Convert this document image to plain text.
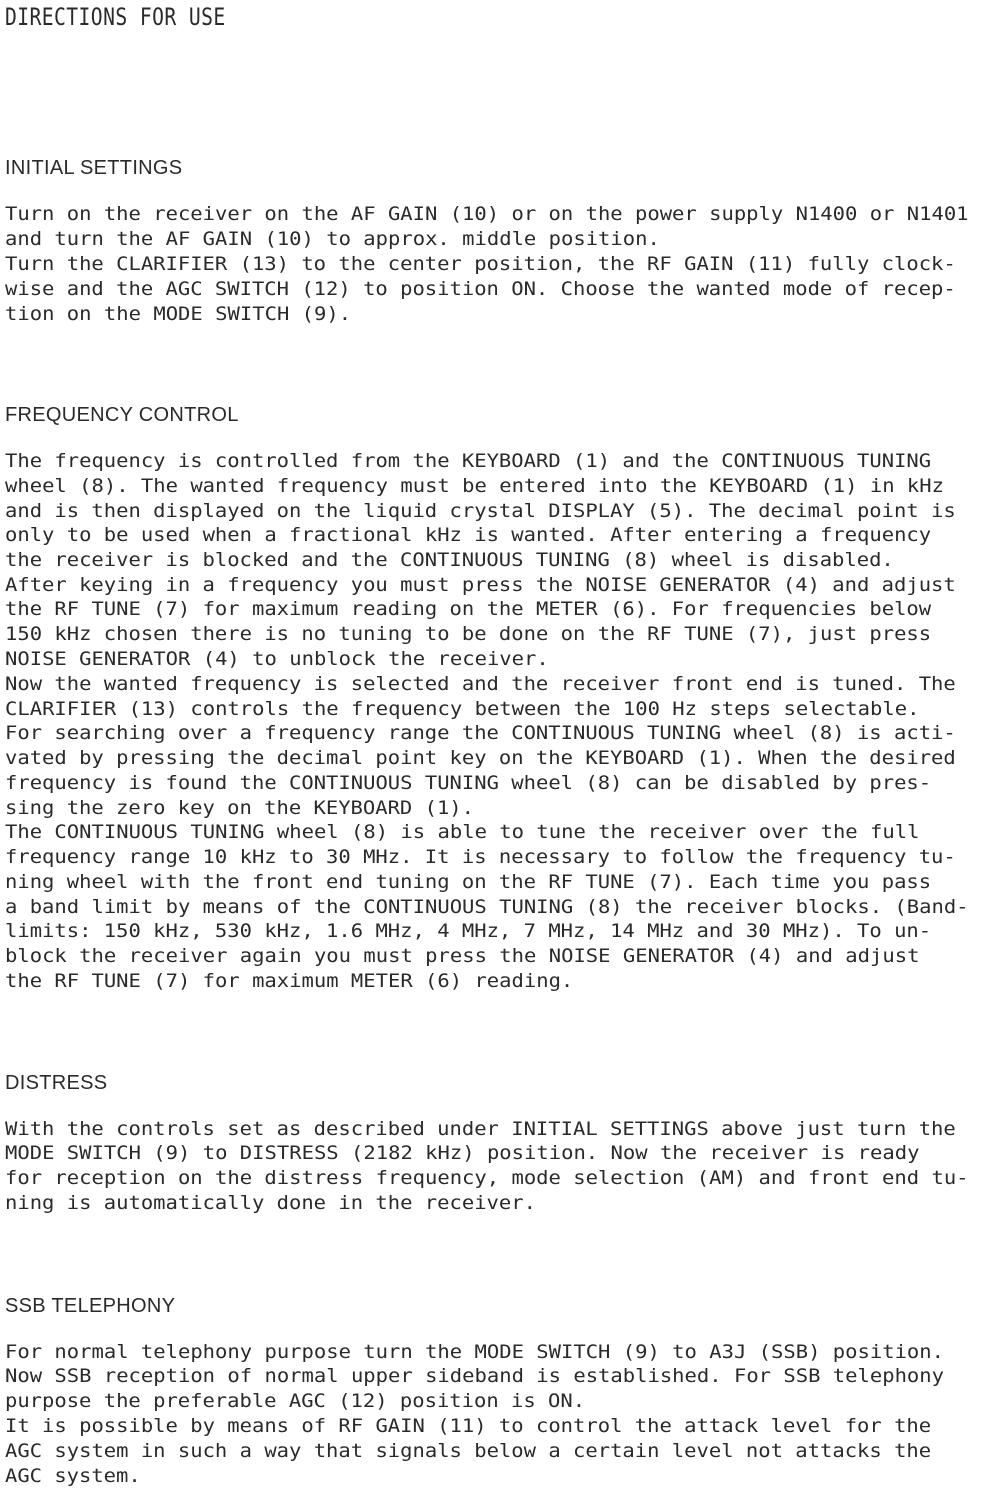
DIRECTIONS FOR USE
INITIAL SETTINGS
Turn on the receiver on the AF GAIN (10) or on the power supply N1400 or N1401
and turn the AF GAIN (10) to approx. middle position.
Turn the CLARIFIER (13) to the center position, the RF GAIN (11) fully clock-
wise and the AGC SWITCH (12) to position ON. Choose the wanted mode of recep-
tion on the MODE SWITCH (9).
FREQUENCY CONTROL
The frequency is controlled from the KEYBOARD (1) and the CONTINUOUS TUNING
wheel (8). The wanted frequency must be entered into the KEYBOARD (1) in kHz
and is then displayed on the liquid crystal DISPLAY (5). The decimal point is
only to be used when a fractional kHz is wanted. After entering a frequency
the receiver is blocked and the CONTINUOUS TUNING (8) wheel is disabled.
After keying in a frequency you must press the NOISE GENERATOR (4) and adjust
the RF TUNE (7) for maximum reading on the METER (6). For frequencies below
150 kHz chosen there is no tuning to be done on the RF TUNE (7), just press
NOISE GENERATOR (4) to unblock the receiver.
Now the wanted frequency is selected and the receiver front end is tuned. The
CLARIFIER (13) controls the frequency between the 100 Hz steps selectable.
For searching over a frequency range the CONTINUOUS TUNING wheel (8) is acti-
vated by pressing the decimal point key on the KEYBOARD (1). When the desired
frequency is found the CONTINUOUS TUNING wheel (8) can be disabled by pres-
sing the zero key on the KEYBOARD (1).
The CONTINUOUS TUNING wheel (8) is able to tune the receiver over the full
frequency range 10 kHz to 30 MHz. It is necessary to follow the frequency tu-
ning wheel with the front end tuning on the RF TUNE (7). Each time you pass
a band limit by means of the CONTINUOUS TUNING (8) the receiver blocks. (Band-
limits: 150 kHz, 530 kHz, 1.6 MHz, 4 MHz, 7 MHz, 14 MHz and 30 MHz). To un-
block the receiver again you must press the NOISE GENERATOR (4) and adjust
the RF TUNE (7) for maximum METER (6) reading.
DISTRESS
With the controls set as described under INITIAL SETTINGS above just turn the
MODE SWITCH (9) to DISTRESS (2182 kHz) position. Now the receiver is ready
for reception on the distress frequency, mode selection (AM) and front end tu-
ning is automatically done in the receiver.
SSB TELEPHONY
For normal telephony purpose turn the MODE SWITCH (9) to A3J (SSB) position.
Now SSB reception of normal upper sideband is established. For SSB telephony
purpose the preferable AGC (12) position is ON.
It is possible by means of RF GAIN (11) to control the attack level for the
AGC system in such a way that signals below a certain level not attacks the
AGC system.
